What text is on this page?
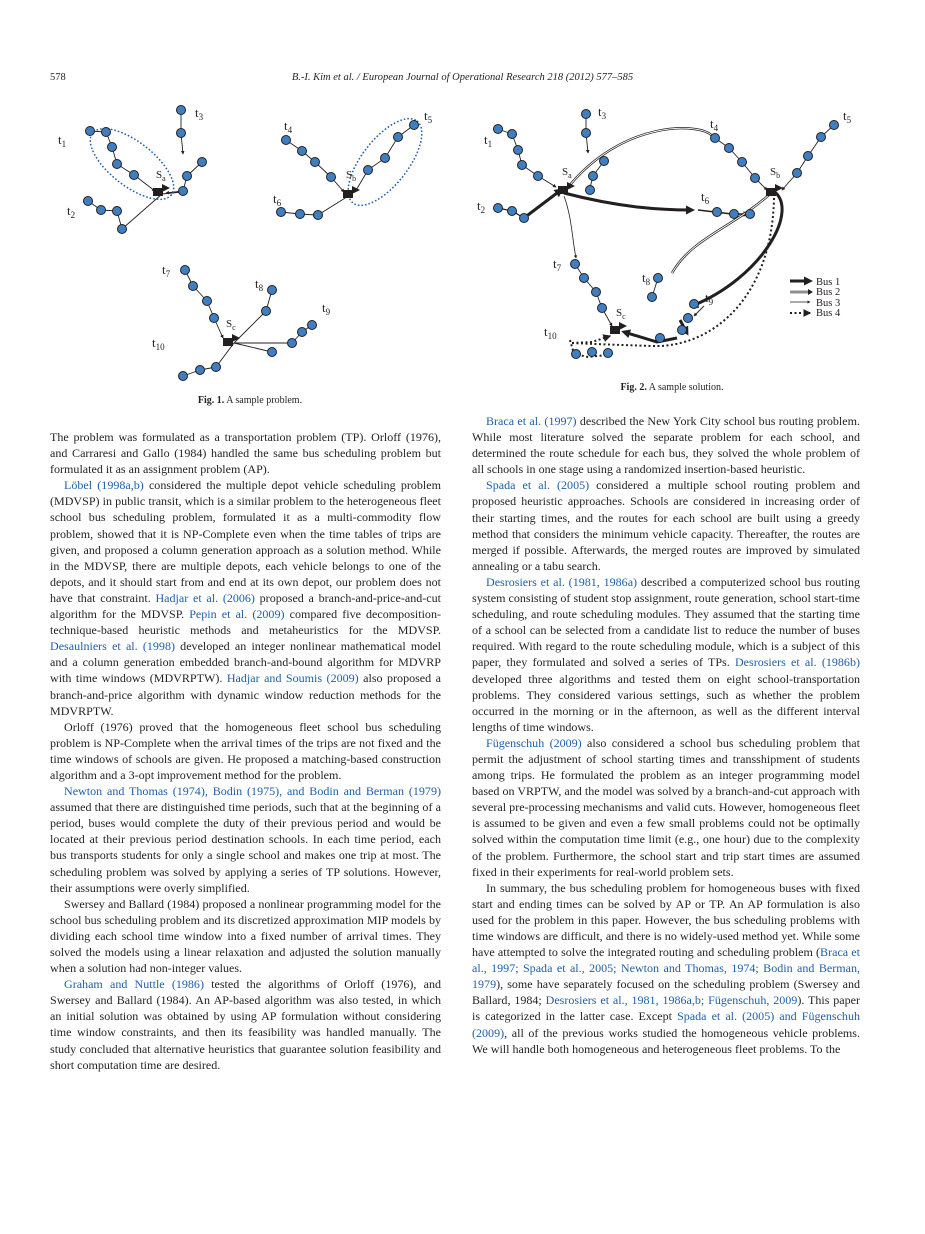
578	B.-I. Kim et al. / European Journal of Operational Research 218 (2012) 577–585
$t_1$
$t_2$
$t_3$
$t_4$
$t_5$
$t_6$
$t_7$
$t_8$
$t_9$
$t_{10}$
$S_a$	$S_b$
$S_c$
Fig. 1. A sample problem.
$t_1$
$t_2$
$t_3$	$t_4$
$t_5$
$t_6$
$t_7$
$t_8$
$t_9$
$t_{10}$
$S_a$	$S_b$
$S_c$
Bus 1
Bus 2
Bus 3
Bus 4
Fig. 2. A sample solution.

The problem was formulated as a transportation problem (TP). Orloff (1976), and Carraresi and Gallo (1984) handled the same bus scheduling problem but formulated it as an assignment problem (AP).

Löbel (1998a,b) considered the multiple depot vehicle scheduling problem (MDVSP) in public transit, which is a similar problem to the heterogeneous fleet school bus scheduling problem, formulated it as a multi-commodity flow problem, showed that it is NP-Complete even when the time tables of trips are given, and proposed a column generation approach as a solution method. While in the MDVSP, there are multiple depots, each vehicle belongs to one of the depots, and it should start from and end at its own depot, our problem does not have that constraint. Hadjar et al. (2006) proposed a branch-and-price-and-cut algorithm for the MDVSP. Pepin et al. (2009) compared five decomposition-technique-based heuristic methods and metaheuristics for the MDVSP. Desaulniers et al. (1998) developed an integer nonlinear mathematical model and a column generation embedded branch-and-bound algorithm for MDVRP with time windows (MDVRPTW). Hadjar and Soumis (2009) also proposed a branch-and-price algorithm with dynamic window reduction methods for the MDVRPTW.

Orloff (1976) proved that the homogeneous fleet school bus scheduling problem is NP-Complete when the arrival times of the trips are not fixed and the time windows of schools are given. He proposed a matching-based construction algorithm and a 3-opt improvement method for the problem.

Newton and Thomas (1974), Bodin (1975), and Bodin and Berman (1979) assumed that there are distinguished time periods, such that at the beginning of a period, buses would complete the duty of their previous period and would be located at their previous period destination schools. In each time period, each bus transports students for only a single school and makes one trip at most. The scheduling problem was solved by applying a series of TP solutions. However, their assumptions were overly simplified.

Swersey and Ballard (1984) proposed a nonlinear programming model for the school bus scheduling problem and its discretized approximation MIP models by dividing each school time window into a fixed number of arrival times. They solved the models using a linear relaxation and adjusted the solution manually when a solution had non-integer values.

Graham and Nuttle (1986) tested the algorithms of Orloff (1976), and Swersey and Ballard (1984). An AP-based algorithm was also tested, in which an initial solution was obtained by using AP formulation without considering time window constraints, and then its feasibility was handled manually. The study concluded that alternative heuristics that guarantee solution feasibility and short computation time are desired.

Braca et al. (1997) described the New York City school bus routing problem. While most literature solved the separate problem for each school, and determined the route schedule for each bus, they solved the whole problem of all schools in one stage using a randomized insertion-based heuristic.

Spada et al. (2005) considered a multiple school routing problem and proposed heuristic approaches. Schools are considered in increasing order of their starting times, and the routes for each school are built using a greedy method that considers the minimum vehicle capacity. Thereafter, the routes are merged if possible. Afterwards, the merged routes are improved by simulated annealing or a tabu search.

Desrosiers et al. (1981, 1986a) described a computerized school bus routing system consisting of student stop assignment, route generation, school start-time scheduling, and route scheduling modules. They assumed that the starting time of a school can be selected from a candidate list to reduce the number of buses required. With regard to the route scheduling module, which is a subject of this paper, they formulated and solved a series of TPs. Desrosiers et al. (1986b) developed three algorithms and tested them on eight school-transportation problems. They considered various settings, such as whether the problem occurred in the morning or in the afternoon, as well as the different interval lengths of time windows.

Fügenschuh (2009) also considered a school bus scheduling problem that permit the adjustment of school starting times and transshipment of students among trips. He formulated the problem as an integer programming model based on VRPTW, and the model was solved by a branch-and-cut approach with several pre-processing mechanisms and valid cuts. However, homogeneous fleet is assumed to be given and even a few small problems could not be optimally solved within the computation time limit (e.g., one hour) due to the complexity of the problem. Furthermore, the school start and trip start times are assumed fixed in their experiments for real-world problem sets.

In summary, the bus scheduling problem for homogeneous buses with fixed start and ending times can be solved by AP or TP. An AP formulation is also used for the problem in this paper. However, the bus scheduling problems with time windows are difficult, and there is no widely-used method yet. While some have attempted to solve the integrated routing and scheduling problem (Braca et al., 1997; Spada et al., 2005; Newton and Thomas, 1974; Bodin and Berman, 1979), some have separately focused on the scheduling problem (Swersey and Ballard, 1984; Desrosiers et al., 1981, 1986a,b; Fügenschuh, 2009). This paper is categorized in the latter case. Except Spada et al. (2005) and Fügenschuh (2009), all of the previous works studied the homogeneous vehicle problems. We will handle both homogeneous and heterogeneous fleet problems. To the
